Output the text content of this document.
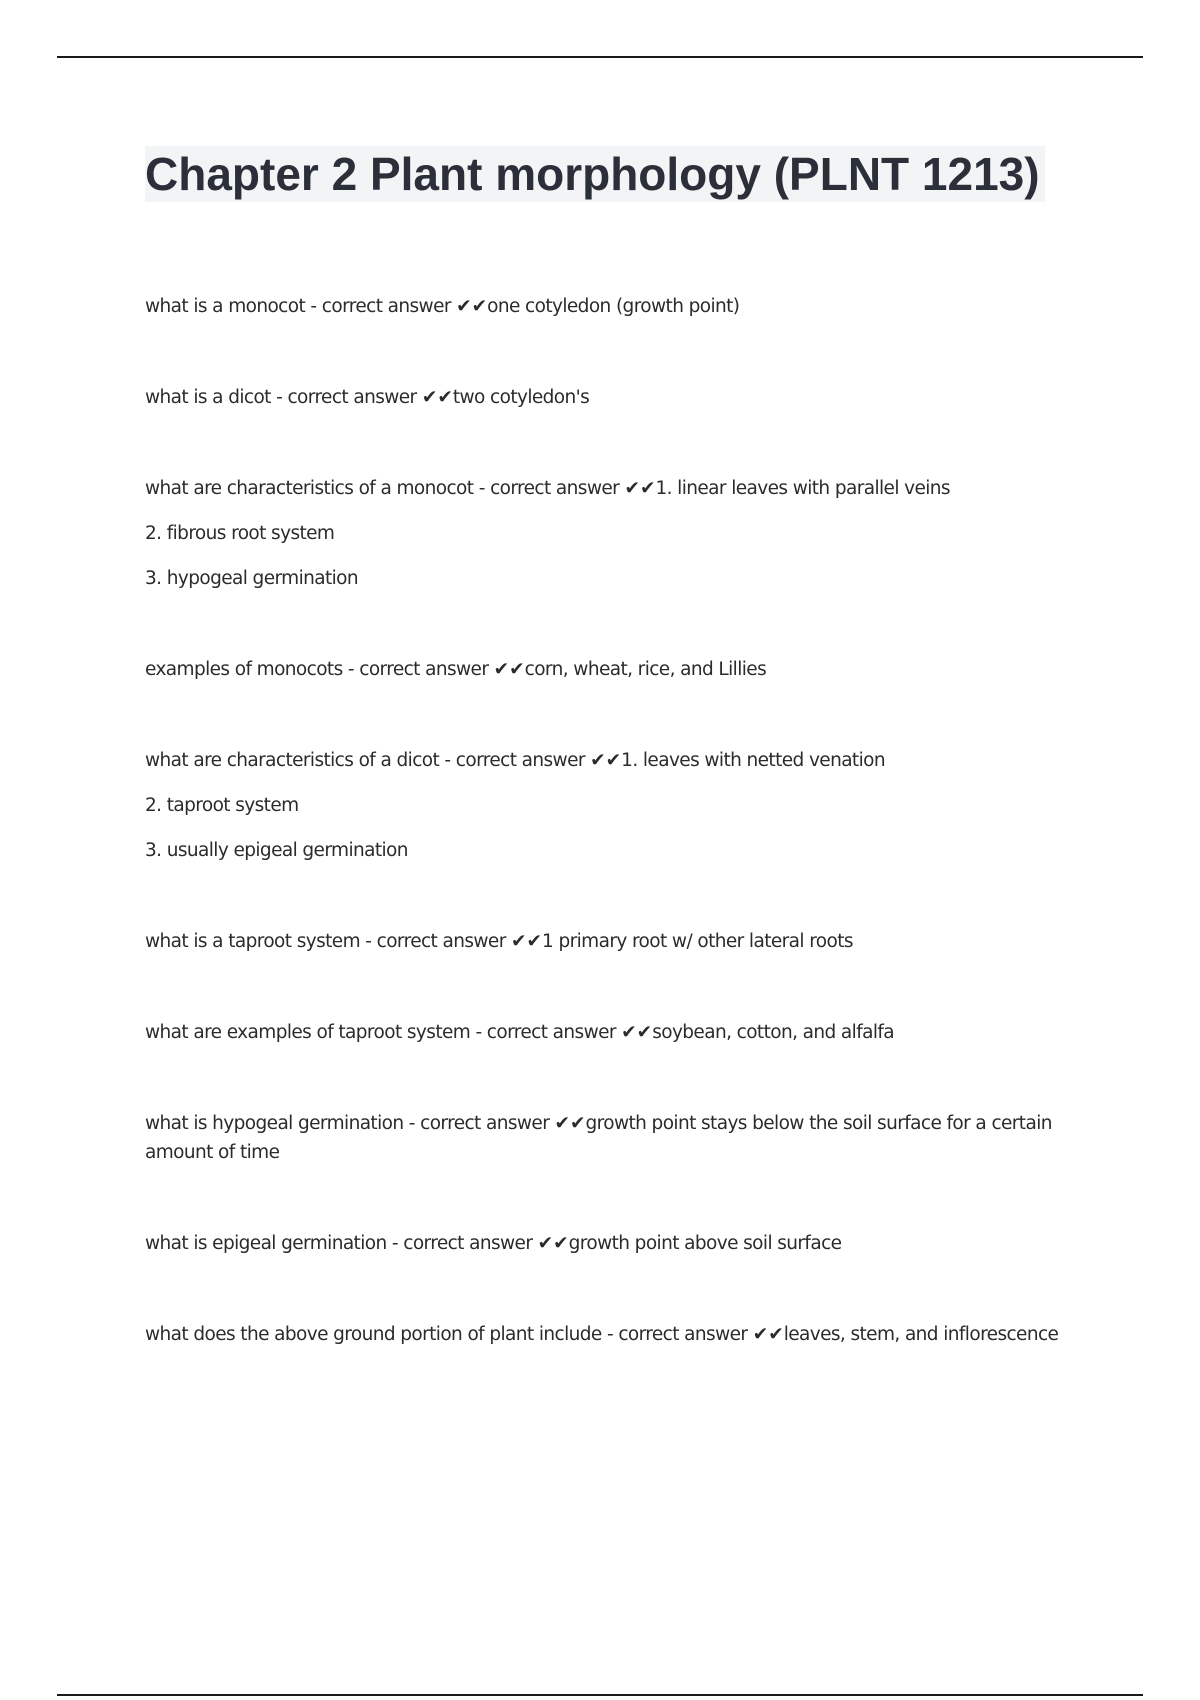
Chapter 2 Plant morphology (PLNT 1213)

what is a monocot - correct answer ✔✔one cotyledon (growth point)

what is a dicot - correct answer ✔✔two cotyledon's

what are characteristics of a monocot - correct answer ✔✔1. linear leaves with parallel veins

2. fibrous root system

3. hypogeal germination

examples of monocots - correct answer ✔✔corn, wheat, rice, and Lillies

what are characteristics of a dicot - correct answer ✔✔1. leaves with netted venation

2. taproot system

3. usually epigeal germination

what is a taproot system - correct answer ✔✔1 primary root w/ other lateral roots

what are examples of taproot system - correct answer ✔✔soybean, cotton, and alfalfa

what is hypogeal germination - correct answer ✔✔growth point stays below the soil surface for a certain amount of time

what is epigeal germination - correct answer ✔✔growth point above soil surface

what does the above ground portion of plant include - correct answer ✔✔leaves, stem, and inflorescence
